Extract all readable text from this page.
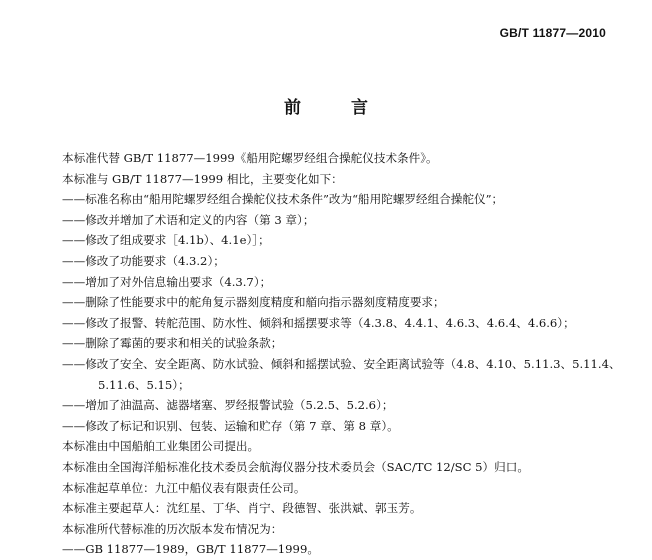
GB/T 11877—2010
前 言
本标准代替 GB/T 11877—1999《船用陀螺罗经组合操舵仪技术条件》。
本标准与 GB/T 11877—1999 相比，主要变化如下：
——标准名称由“船用陀螺罗经组合操舵仪技术条件”改为“船用陀螺罗经组合操舵仪”；
——修改并增加了术语和定义的内容（第 3 章）；
——修改了组成要求［4.1b）、4.1e）］；
——修改了功能要求（4.3.2）；
——增加了对外信息输出要求（4.3.7）；
——删除了性能要求中的舵角复示器刻度精度和艏向指示器刻度精度要求；
——修改了报警、转舵范围、防水性、倾斜和摇摆要求等（4.3.8、4.4.1、4.6.3、4.6.4、4.6.6）；
——删除了霉菌的要求和相关的试验条款；
——修改了安全、安全距离、防水试验、倾斜和摇摆试验、安全距离试验等（4.8、4.10、5.11.3、5.11.4、
5.11.6、5.15）；
——增加了油温高、滤器堵塞、罗经报警试验（5.2.5、5.2.6）；
——修改了标记和识别、包装、运输和贮存（第 7 章、第 8 章）。
本标准由中国船舶工业集团公司提出。
本标准由全国海洋船标准化技术委员会航海仪器分技术委员会（SAC/TC 12/SC 5）归口。
本标准起草单位：九江中船仪表有限责任公司。
本标准主要起草人：沈红星、丁华、肖宁、段德智、张洪斌、郭玉芳。
本标准所代替标准的历次版本发布情况为：
——GB 11877—1989，GB/T 11877—1999。
